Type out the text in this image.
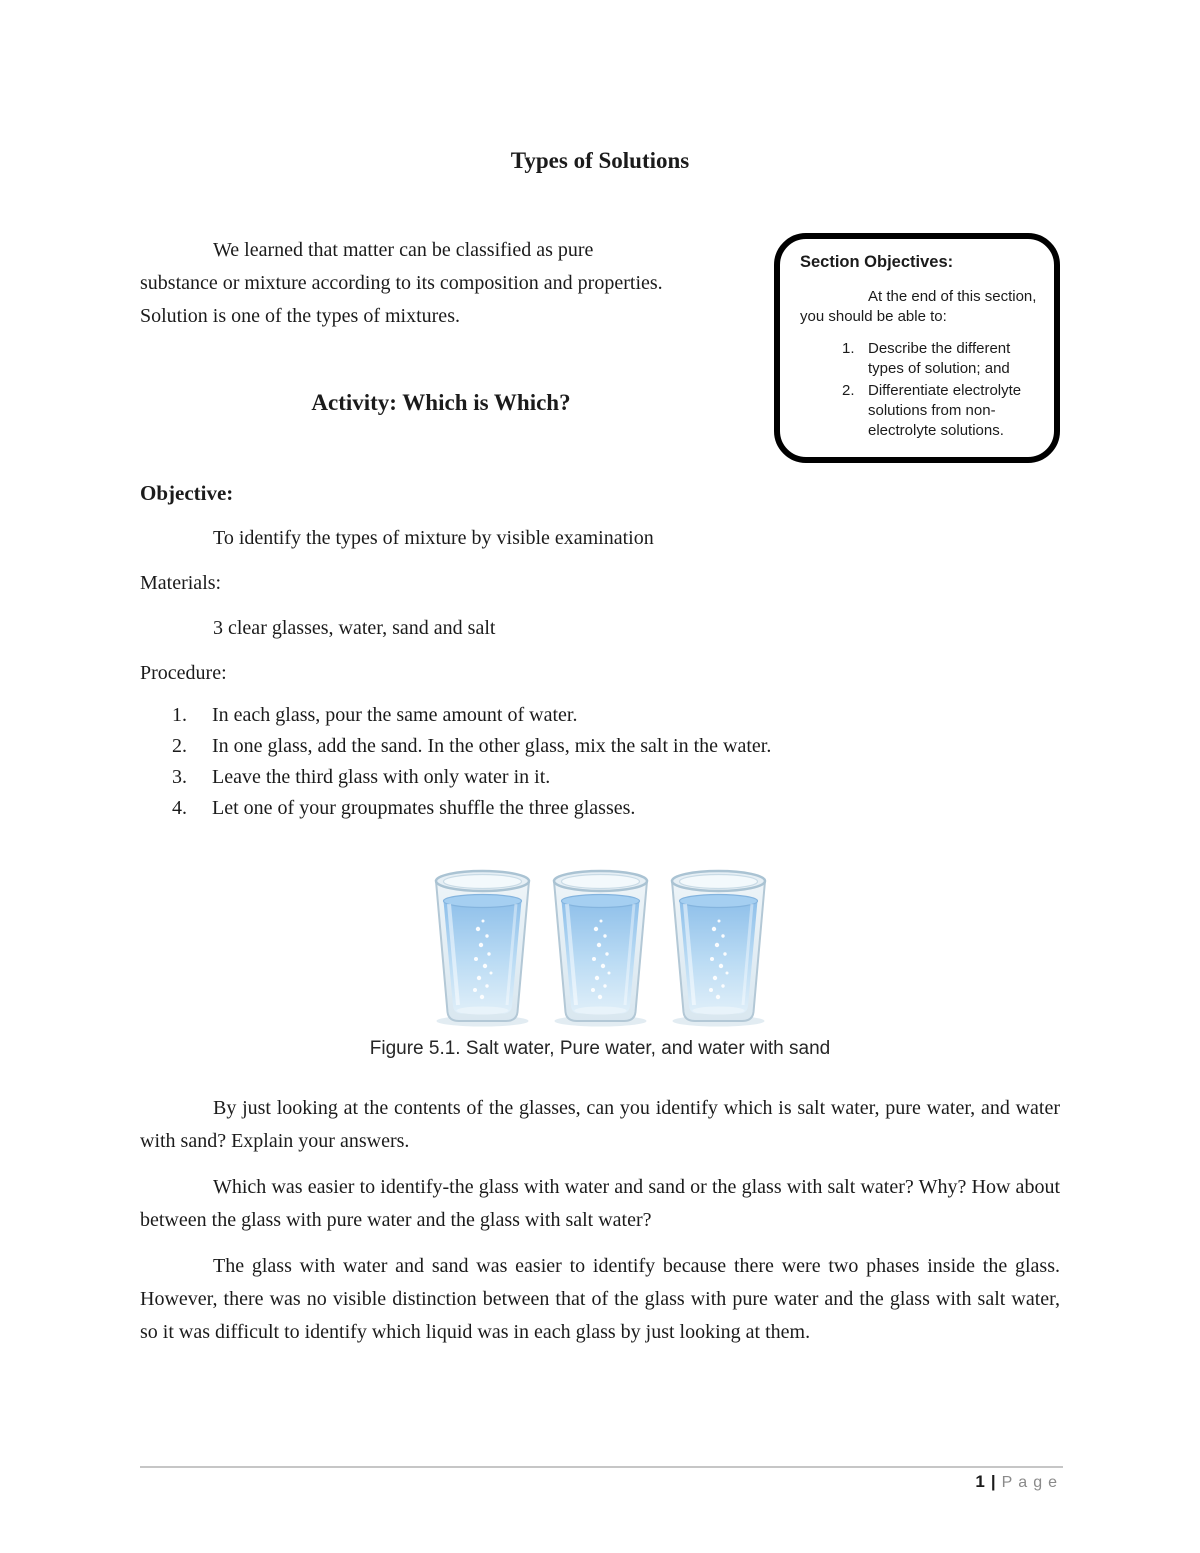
Types of Solutions

Section Objectives:

At the end of this section, you should be able to:

Describe the different types of solution; and
Differentiate electrolyte solutions from non-electrolyte solutions.

We learned that matter can be classified as pure substance or mixture according to its composition and properties. Solution is one of the types of mixtures.

Activity: Which is Which?

Objective:

To identify the types of mixture by visible examination

Materials:

3 clear glasses, water, sand and salt

Procedure:

In each glass, pour the same amount of water.
In one glass, add the sand. In the other glass, mix the salt in the water.
Leave the third glass with only water in it.
Let one of your groupmates shuffle the three glasses.
Figure 5.1. Salt water, Pure water, and water with sand

By just looking at the contents of the glasses, can you identify which is salt water, pure water, and water with sand? Explain your answers.

Which was easier to identify-the glass with water and sand or the glass with salt water? Why? How about between the glass with pure water and the glass with salt water?

The glass with water and sand was easier to identify because there were two phases inside the glass. However, there was no visible distinction between that of the glass with pure water and the glass with salt water, so it was difficult to identify which liquid was in each glass by just looking at them.

1 | Page
